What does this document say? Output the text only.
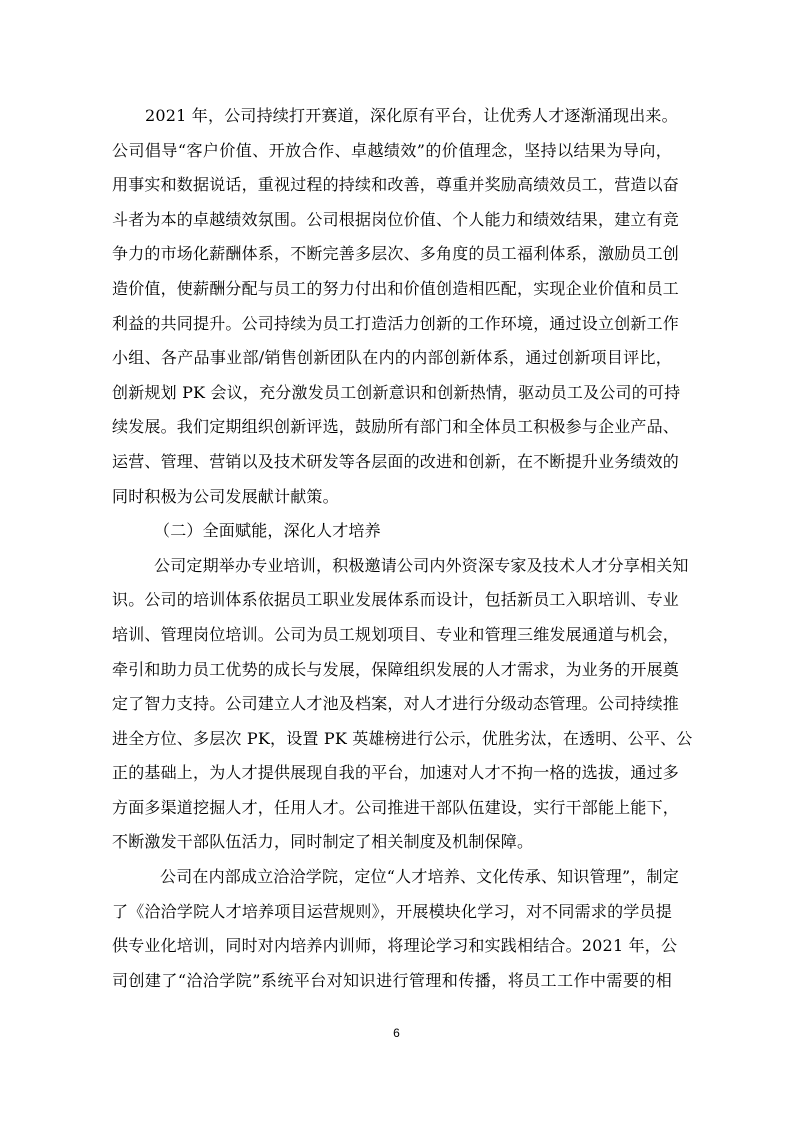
2021 年，公司持续打开赛道，深化原有平台，让优秀人才逐渐涌现出来。
公司倡导“客户价值、开放合作、卓越绩效”的价值理念，坚持以结果为导向，
用事实和数据说话，重视过程的持续和改善，尊重并奖励高绩效员工，营造以奋
斗者为本的卓越绩效氛围。公司根据岗位价值、个人能力和绩效结果，建立有竞
争力的市场化薪酬体系，不断完善多层次、多角度的员工福利体系，激励员工创
造价值，使薪酬分配与员工的努力付出和价值创造相匹配，实现企业价值和员工
利益的共同提升。公司持续为员工打造活力创新的工作环境，通过设立创新工作
小组、各产品事业部/销售创新团队在内的内部创新体系，通过创新项目评比，
创新规划 PK 会议，充分激发员工创新意识和创新热情，驱动员工及公司的可持
续发展。我们定期组织创新评选，鼓励所有部门和全体员工积极参与企业产品、
运营、管理、营销以及技术研发等各层面的改进和创新，在不断提升业务绩效的
同时积极为公司发展献计献策。
（二）全面赋能，深化人才培养
公司定期举办专业培训，积极邀请公司内外资深专家及技术人才分享相关知
识。公司的培训体系依据员工职业发展体系而设计，包括新员工入职培训、专业
培训、管理岗位培训。公司为员工规划项目、专业和管理三维发展通道与机会，
牵引和助力员工优势的成长与发展，保障组织发展的人才需求，为业务的开展奠
定了智力支持。公司建立人才池及档案，对人才进行分级动态管理。公司持续推
进全方位、多层次 PK，设置 PK 英雄榜进行公示，优胜劣汰，在透明、公平、公
正的基础上，为人才提供展现自我的平台，加速对人才不拘一格的选拔，通过多
方面多渠道挖掘人才，任用人才。公司推进干部队伍建设，实行干部能上能下，
不断激发干部队伍活力，同时制定了相关制度及机制保障。
公司在内部成立洽洽学院，定位“人才培养、文化传承、知识管理”，制定
了《洽洽学院人才培养项目运营规则》，开展模块化学习，对不同需求的学员提
供专业化培训，同时对内培养内训师，将理论学习和实践相结合。2021 年，公
司创建了“洽洽学院”系统平台对知识进行管理和传播，将员工工作中需要的相
6
